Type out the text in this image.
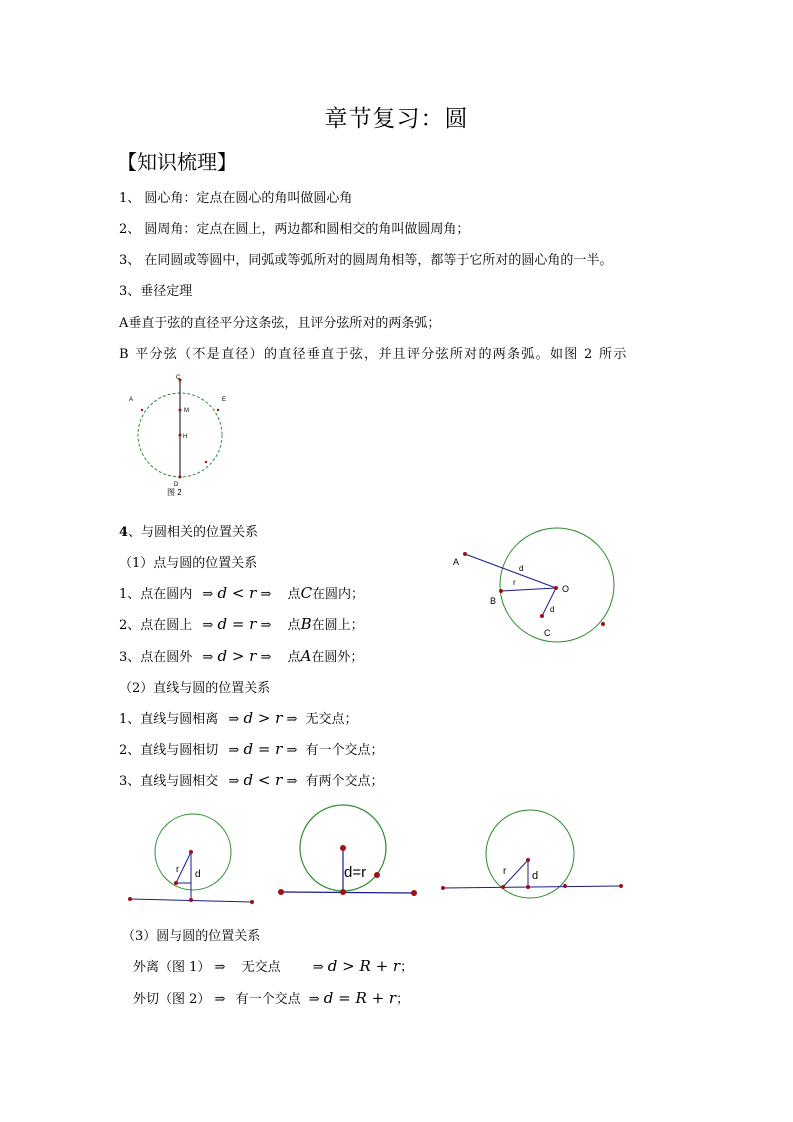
章节复习：圆
【知识梳理】
1、 圆心角：定点在圆心的角叫做圆心角
2、 圆周角：定点在圆上，两边都和圆相交的角叫做圆周角；
3、 在同圆或等圆中，同弧或等弧所对的圆周角相等，都等于它所对的圆心角的一半。
3、垂径定理
A垂直于弦的直径平分这条弦，且评分弦所对的两条弧；
B 平分弦（不是直径）的直径垂直于弦，并且评分弦所对的两条弧。如图 2 所示
C
A	E
M
H
D
图 2
4、与圆相关的位置关系
（1）点与圆的位置关系
1、点在圆内 ⇒ d < r ⇒ 点C在圆内；
2、点在圆上 ⇒ d = r ⇒ 点B在圆上；
3、点在圆外 ⇒ d > r ⇒ 点A在圆外；
A
d
r
O
B
d
C
（2）直线与圆的位置关系
1、直线与圆相离 ⇒ d > r ⇒ 无交点；
2、直线与圆相切 ⇒ d = r ⇒ 有一个交点；
3、直线与圆相交 ⇒ d < r ⇒ 有两个交点；
r d	d=r	r d
（3）圆与圆的位置关系
外离（图 1） ⇒ 无交点 ⇒ d > R + r；
外切（图 2） ⇒ 有一个交点 ⇒ d = R + r；
